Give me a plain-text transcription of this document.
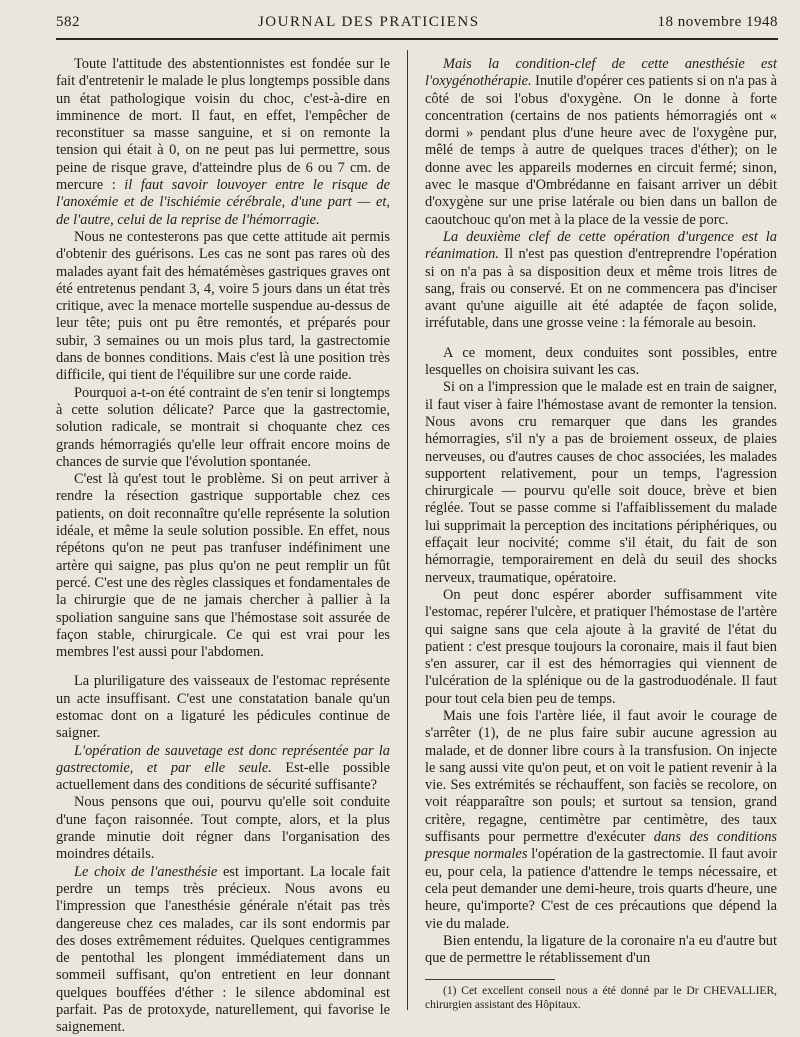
582	JOURNAL DES PRATICIENS	18 novembre 1948

Toute l'attitude des abstentionnistes est fondée sur le fait d'entretenir le malade le plus longtemps possible dans un état pathologique voisin du choc, c'est-à-dire en imminence de mort. Il faut, en effet, l'empêcher de reconstituer sa masse sanguine, et si on remonte la tension qui était à 0, on ne peut pas lui permettre, sous peine de risque grave, d'atteindre plus de 6 ou 7 cm. de mercure : il faut savoir louvoyer entre le risque de l'anoxémie et de l'ischiémie cérébrale, d'une part — et, de l'autre, celui de la reprise de l'hémorragie.

Nous ne contesterons pas que cette attitude ait permis d'obtenir des guérisons. Les cas ne sont pas rares où des malades ayant fait des hématémèses gastriques graves ont été entretenus pendant 3, 4, voire 5 jours dans un état très critique, avec la menace mortelle suspendue au-dessus de leur tête; puis ont pu être remontés, et préparés pour subir, 3 semaines ou un mois plus tard, la gastrectomie dans de bonnes conditions. Mais c'est là une position très difficile, qui tient de l'équilibre sur une corde raide.

Pourquoi a-t-on été contraint de s'en tenir si longtemps à cette solution délicate? Parce que la gastrectomie, solution radicale, se montrait si choquante chez ces grands hémorragiés qu'elle leur offrait encore moins de chances de survie que l'évolution spontanée.

C'est là qu'est tout le problème. Si on peut arriver à rendre la résection gastrique supportable chez ces patients, on doit reconnaître qu'elle représente la solution idéale, et même la seule solution possible. En effet, nous répétons qu'on ne peut pas tranfuser indéfiniment une artère qui saigne, pas plus qu'on ne peut remplir un fût percé. C'est une des règles classiques et fondamentales de la chirurgie que de ne jamais chercher à pallier à la spoliation sanguine sans que l'hémostase soit assurée de façon stable, chirurgicale. Ce qui est vrai pour les membres l'est aussi pour l'abdomen.

La pluriligature des vaisseaux de l'estomac représente un acte insuffisant. C'est une constatation banale qu'un estomac dont on a ligaturé les pédicules continue de saigner.

L'opération de sauvetage est donc représentée par la gastrectomie, et par elle seule. Est-elle possible actuellement dans des conditions de sécurité suffisante?

Nous pensons que oui, pourvu qu'elle soit conduite d'une façon raisonnée. Tout compte, alors, et la plus grande minutie doit régner dans l'organisation des moindres détails.

Le choix de l'anesthésie est important. La locale fait perdre un temps très précieux. Nous avons eu l'impression que l'anesthésie générale n'était pas très dangereuse chez ces malades, car ils sont endormis par des doses extrêmement réduites. Quelques centigrammes de pentothal les plongent immédiatement dans un sommeil suffisant, qu'on entretient en leur donnant quelques bouffées d'éther : le silence abdominal est parfait. Pas de protoxyde, naturellement, qui favorise le saignement.

Mais la condition-clef de cette anesthésie est l'oxygénothérapie. Inutile d'opérer ces patients si on n'a pas à côté de soi l'obus d'oxygène. On le donne à forte concentration (certains de nos patients hémorragiés ont « dormi » pendant plus d'une heure avec de l'oxygène pur, mêlé de temps à autre de quelques traces d'éther); on le donne avec les appareils modernes en circuit fermé; sinon, avec le masque d'Ombrédanne en faisant arriver un débit d'oxygène sur une prise latérale ou bien dans un ballon de caoutchouc qu'on met à la place de la vessie de porc.

La deuxième clef de cette opération d'urgence est la réanimation. Il n'est pas question d'entreprendre l'opération si on n'a pas à sa disposition deux et même trois litres de sang, frais ou conservé. Et on ne commencera pas d'inciser avant qu'une aiguille ait été adaptée de façon solide, irréfutable, dans une grosse veine : la fémorale au besoin.

A ce moment, deux conduites sont possibles, entre lesquelles on choisira suivant les cas.

Si on a l'impression que le malade est en train de saigner, il faut viser à faire l'hémostase avant de remonter la tension. Nous avons cru remarquer que dans les grandes hémorragies, s'il n'y a pas de broiement osseux, de plaies nerveuses, ou d'autres causes de choc associées, les malades supportent relativement, pour un temps, l'agression chirurgicale — pourvu qu'elle soit douce, brève et bien réglée. Tout se passe comme si l'affaiblissement du malade lui supprimait la perception des incitations périphériques, ou effaçait leur nocivité; comme s'il était, du fait de son hémorragie, temporairement en delà du seuil des shocks nerveux, traumatique, opératoire.

On peut donc espérer aborder suffisamment vite l'estomac, repérer l'ulcère, et pratiquer l'hémostase de l'artère qui saigne sans que cela ajoute à la gravité de l'état du patient : c'est presque toujours la coronaire, mais il faut bien s'en assurer, car il est des hémorragies qui viennent de l'ulcération de la splénique ou de la gastroduodénale. Il faut pour tout cela bien peu de temps.

Mais une fois l'artère liée, il faut avoir le courage de s'arrêter (1), de ne plus faire subir aucune agression au malade, et de donner libre cours à la transfusion. On injecte le sang aussi vite qu'on peut, et on voit le patient revenir à la vie. Ses extrémités se réchauffent, son faciès se recolore, on voit réapparaître son pouls; et surtout sa tension, grand critère, regagne, centimètre par centimètre, des taux suffisants pour permettre d'exécuter dans des conditions presque normales l'opération de la gastrectomie. Il faut avoir eu, pour cela, la patience d'attendre le temps nécessaire, et cela peut demander une demi-heure, trois quarts d'heure, une heure, qu'importe? C'est de ces précautions que dépend la vie du malade.

Bien entendu, la ligature de la coronaire n'a eu d'autre but que de permettre le rétablissement d'un

(1) Cet excellent conseil nous a été donné par le Dr CHEVALLIER, chirurgien assistant des Hôpitaux.
